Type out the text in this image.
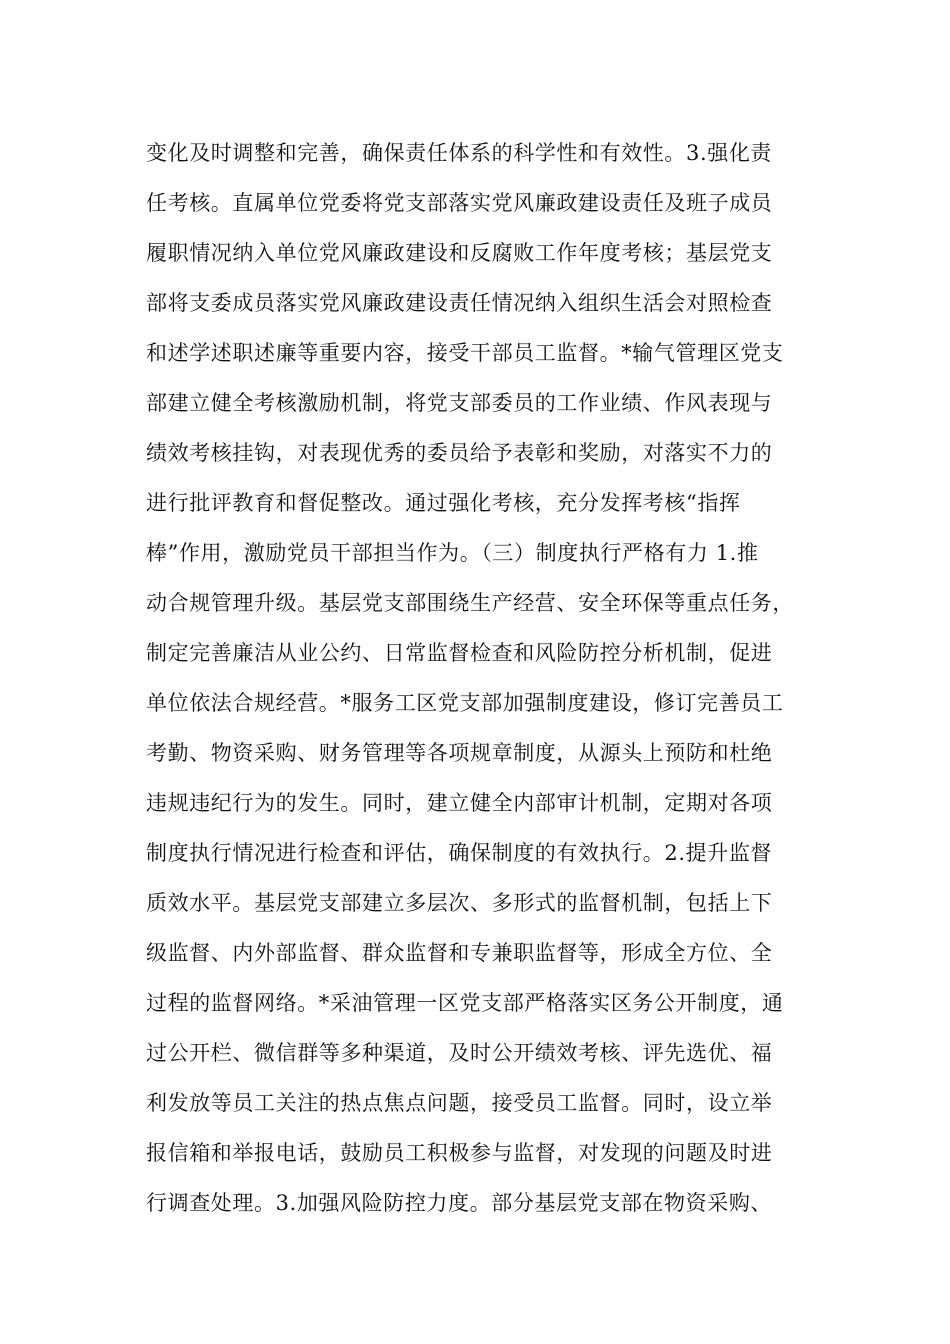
变化及时调整和完善，确保责任体系的科学性和有效性。3.强化责
任考核。直属单位党委将党支部落实党风廉政建设责任及班子成员
履职情况纳入单位党风廉政建设和反腐败工作年度考核；基层党支
部将支委成员落实党风廉政建设责任情况纳入组织生活会对照检查
和述学述职述廉等重要内容，接受干部员工监督。*输气管理区党支
部建立健全考核激励机制，将党支部委员的工作业绩、作风表现与
绩效考核挂钩，对表现优秀的委员给予表彰和奖励，对落实不力的
进行批评教育和督促整改。通过强化考核，充分发挥考核“指挥
棒”作用，激励党员干部担当作为。（三）制度执行严格有力 1.推
动合规管理升级。基层党支部围绕生产经营、安全环保等重点任务，
制定完善廉洁从业公约、日常监督检查和风险防控分析机制，促进
单位依法合规经营。*服务工区党支部加强制度建设，修订完善员工
考勤、物资采购、财务管理等各项规章制度，从源头上预防和杜绝
违规违纪行为的发生。同时，建立健全内部审计机制，定期对各项
制度执行情况进行检查和评估，确保制度的有效执行。2.提升监督
质效水平。基层党支部建立多层次、多形式的监督机制，包括上下
级监督、内外部监督、群众监督和专兼职监督等，形成全方位、全
过程的监督网络。*采油管理一区党支部严格落实区务公开制度，通
过公开栏、微信群等多种渠道，及时公开绩效考核、评先选优、福
利发放等员工关注的热点焦点问题，接受员工监督。同时，设立举
报信箱和举报电话，鼓励员工积极参与监督，对发现的问题及时进
行调查处理。3.加强风险防控力度。部分基层党支部在物资采购、
